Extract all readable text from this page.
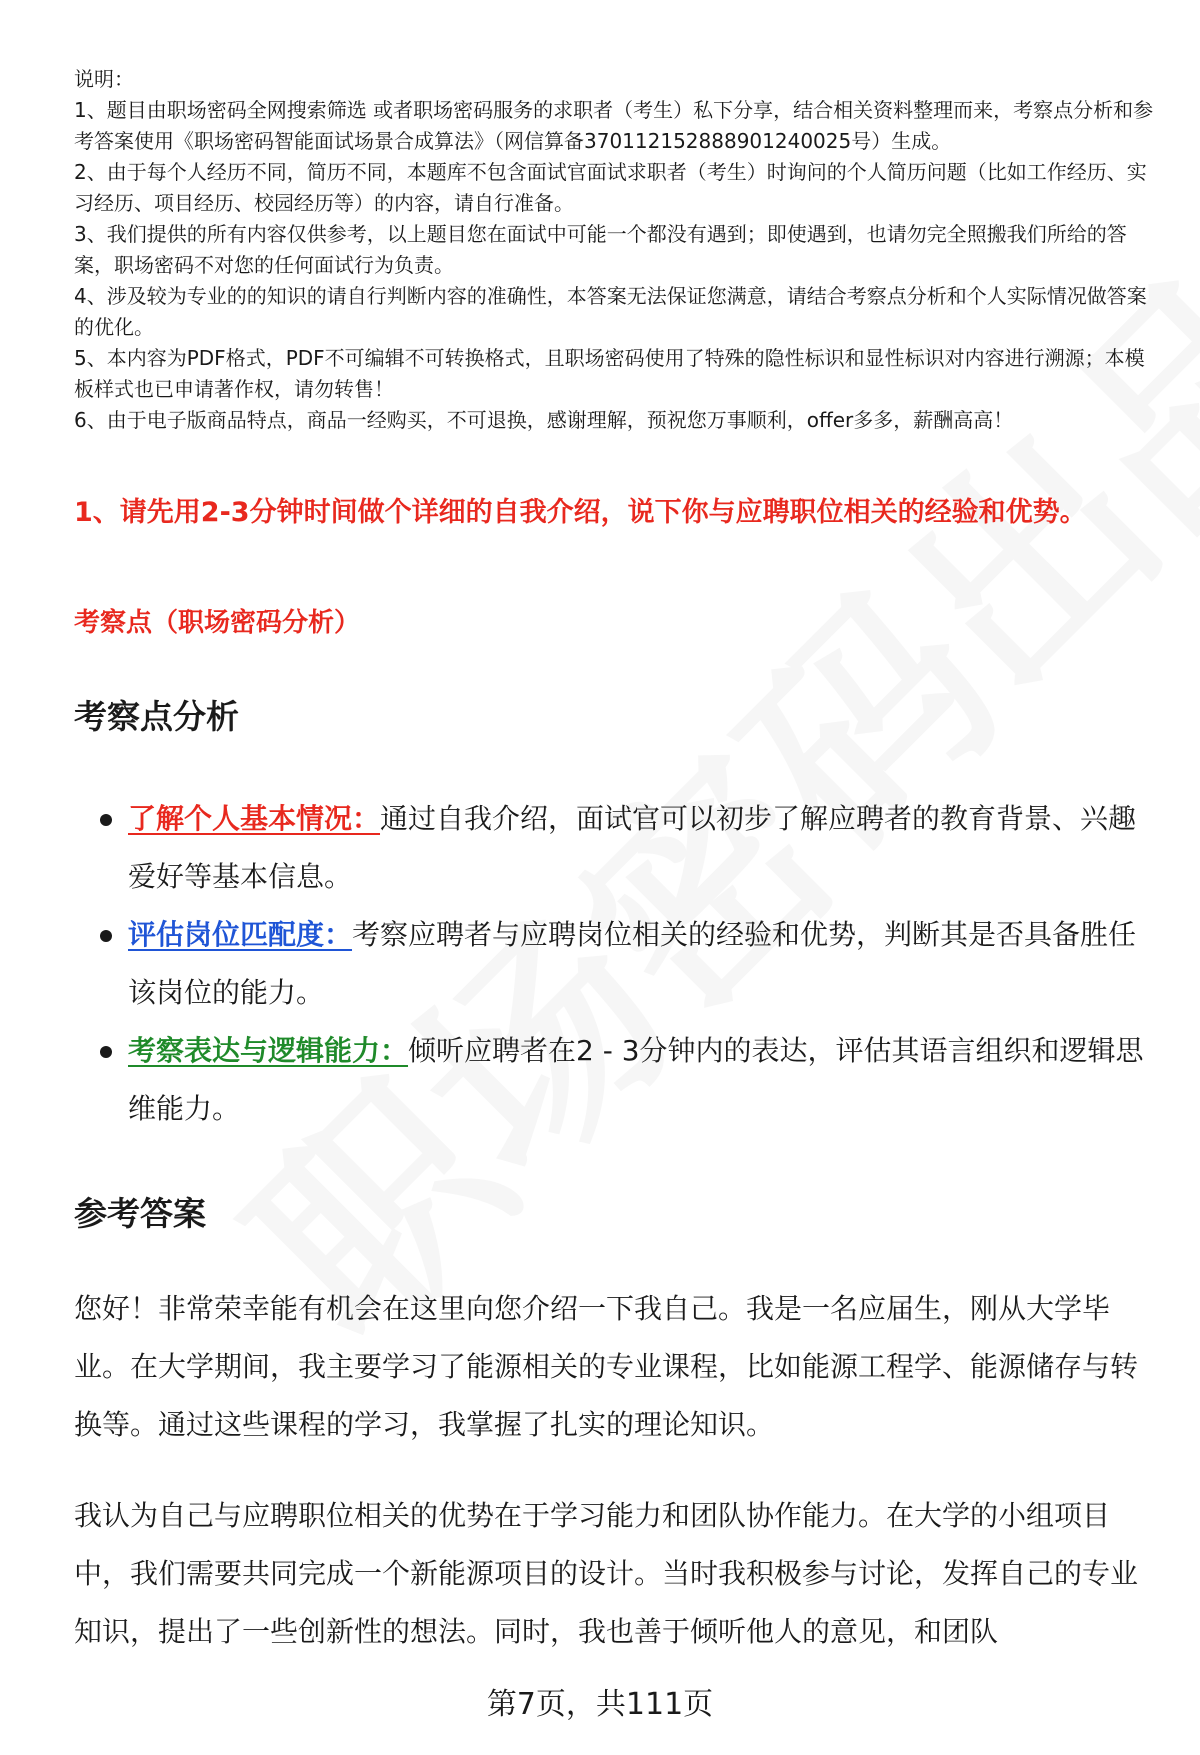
说明：

1、题目由职场密码全网搜索筛选 或者职场密码服务的求职者（考生）私下分享，结合相关资料整理而来，考察点分析和参考答案使用《职场密码智能面试场景合成算法》（网信算备370112152888901240025号）生成。

2、由于每个人经历不同，简历不同，本题库不包含面试官面试求职者（考生）时询问的个人简历问题（比如工作经历、实习经历、项目经历、校园经历等）的内容，请自行准备。

3、我们提供的所有内容仅供参考，以上题目您在面试中可能一个都没有遇到；即使遇到，也请勿完全照搬我们所给的答案，职场密码不对您的任何面试行为负责。

4、涉及较为专业的的知识的请自行判断内容的准确性，本答案无法保证您满意，请结合考察点分析和个人实际情况做答案的优化。

5、本内容为PDF格式，PDF不可编辑不可转换格式，且职场密码使用了特殊的隐性标识和显性标识对内容进行溯源；本模板样式也已申请著作权，请勿转售！

6、由于电子版商品特点，商品一经购买，不可退换，感谢理解，预祝您万事顺利，offer多多，薪酬高高！

1、请先用2-3分钟时间做个详细的自我介绍，说下你与应聘职位相关的经验和优势。
考察点（职场密码分析）
考察点分析
了解个人基本情况：通过自我介绍，面试官可以初步了解应聘者的教育背景、兴趣爱好等基本信息。
评估岗位匹配度：考察应聘者与应聘岗位相关的经验和优势，判断其是否具备胜任该岗位的能力。
考察表达与逻辑能力：倾听应聘者在2 - 3分钟内的表达，评估其语言组织和逻辑思维能力。
参考答案

您好！非常荣幸能有机会在这里向您介绍一下我自己。我是一名应届生，刚从大学毕业。在大学期间，我主要学习了能源相关的专业课程，比如能源工程学、能源储存与转换等。通过这些课程的学习，我掌握了扎实的理论知识。

我认为自己与应聘职位相关的优势在于学习能力和团队协作能力。在大学的小组项目中，我们需要共同完成一个新能源项目的设计。当时我积极参与讨论，发挥自己的专业知识，提出了一些创新性的想法。同时，我也善于倾听他人的意见，和团队

第7页，共111页
